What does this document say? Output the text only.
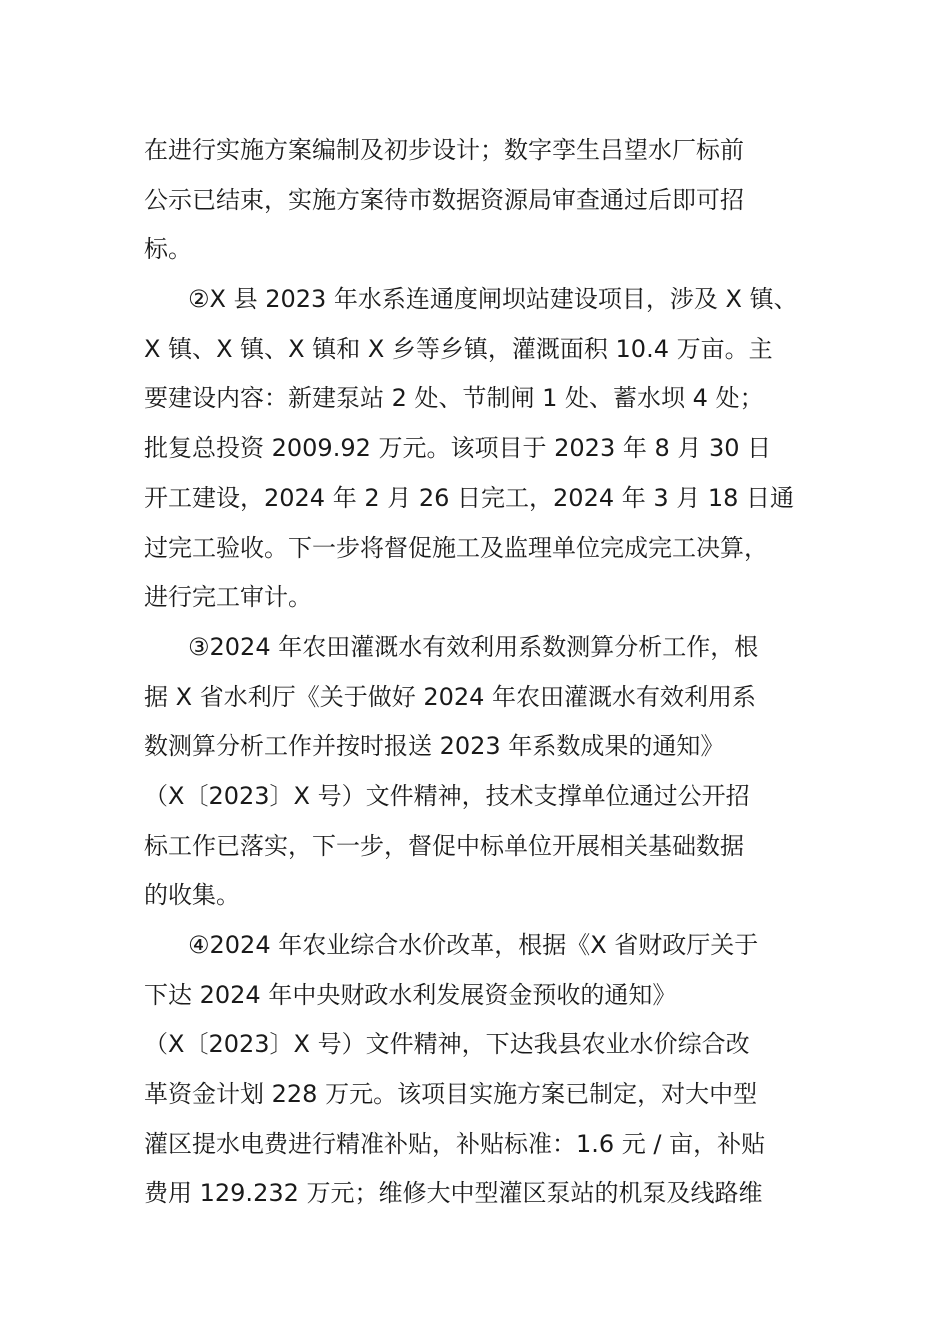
在进行实施方案编制及初步设计；数字孪生吕望水厂标前
公示已结束，实施方案待市数据资源局审查通过后即可招
标。
②X 县 2023 年水系连通度闸坝站建设项目，涉及 X 镇、
X 镇、X 镇、X 镇和 X 乡等乡镇，灌溉面积 10.4 万亩。主
要建设内容：新建泵站 2 处、节制闸 1 处、蓄水坝 4 处；
批复总投资 2009.92 万元。该项目于 2023 年 8 月 30 日
开工建设，2024 年 2 月 26 日完工，2024 年 3 月 18 日通
过完工验收。下一步将督促施工及监理单位完成完工决算，
进行完工审计。
③2024 年农田灌溉水有效利用系数测算分析工作，根
据 X 省水利厅《关于做好 2024 年农田灌溉水有效利用系
数测算分析工作并按时报送 2023 年系数成果的通知》
（X〔2023〕X 号）文件精神，技术支撑单位通过公开招
标工作已落实，下一步，督促中标单位开展相关基础数据
的收集。
④2024 年农业综合水价改革，根据《X 省财政厅关于
下达 2024 年中央财政水利发展资金预收的通知》
（X〔2023〕X 号）文件精神，下达我县农业水价综合改
革资金计划 228 万元。该项目实施方案已制定，对大中型
灌区提水电费进行精准补贴，补贴标准：1.6 元 / 亩，补贴
费用 129.232 万元；维修大中型灌区泵站的机泵及线路维
